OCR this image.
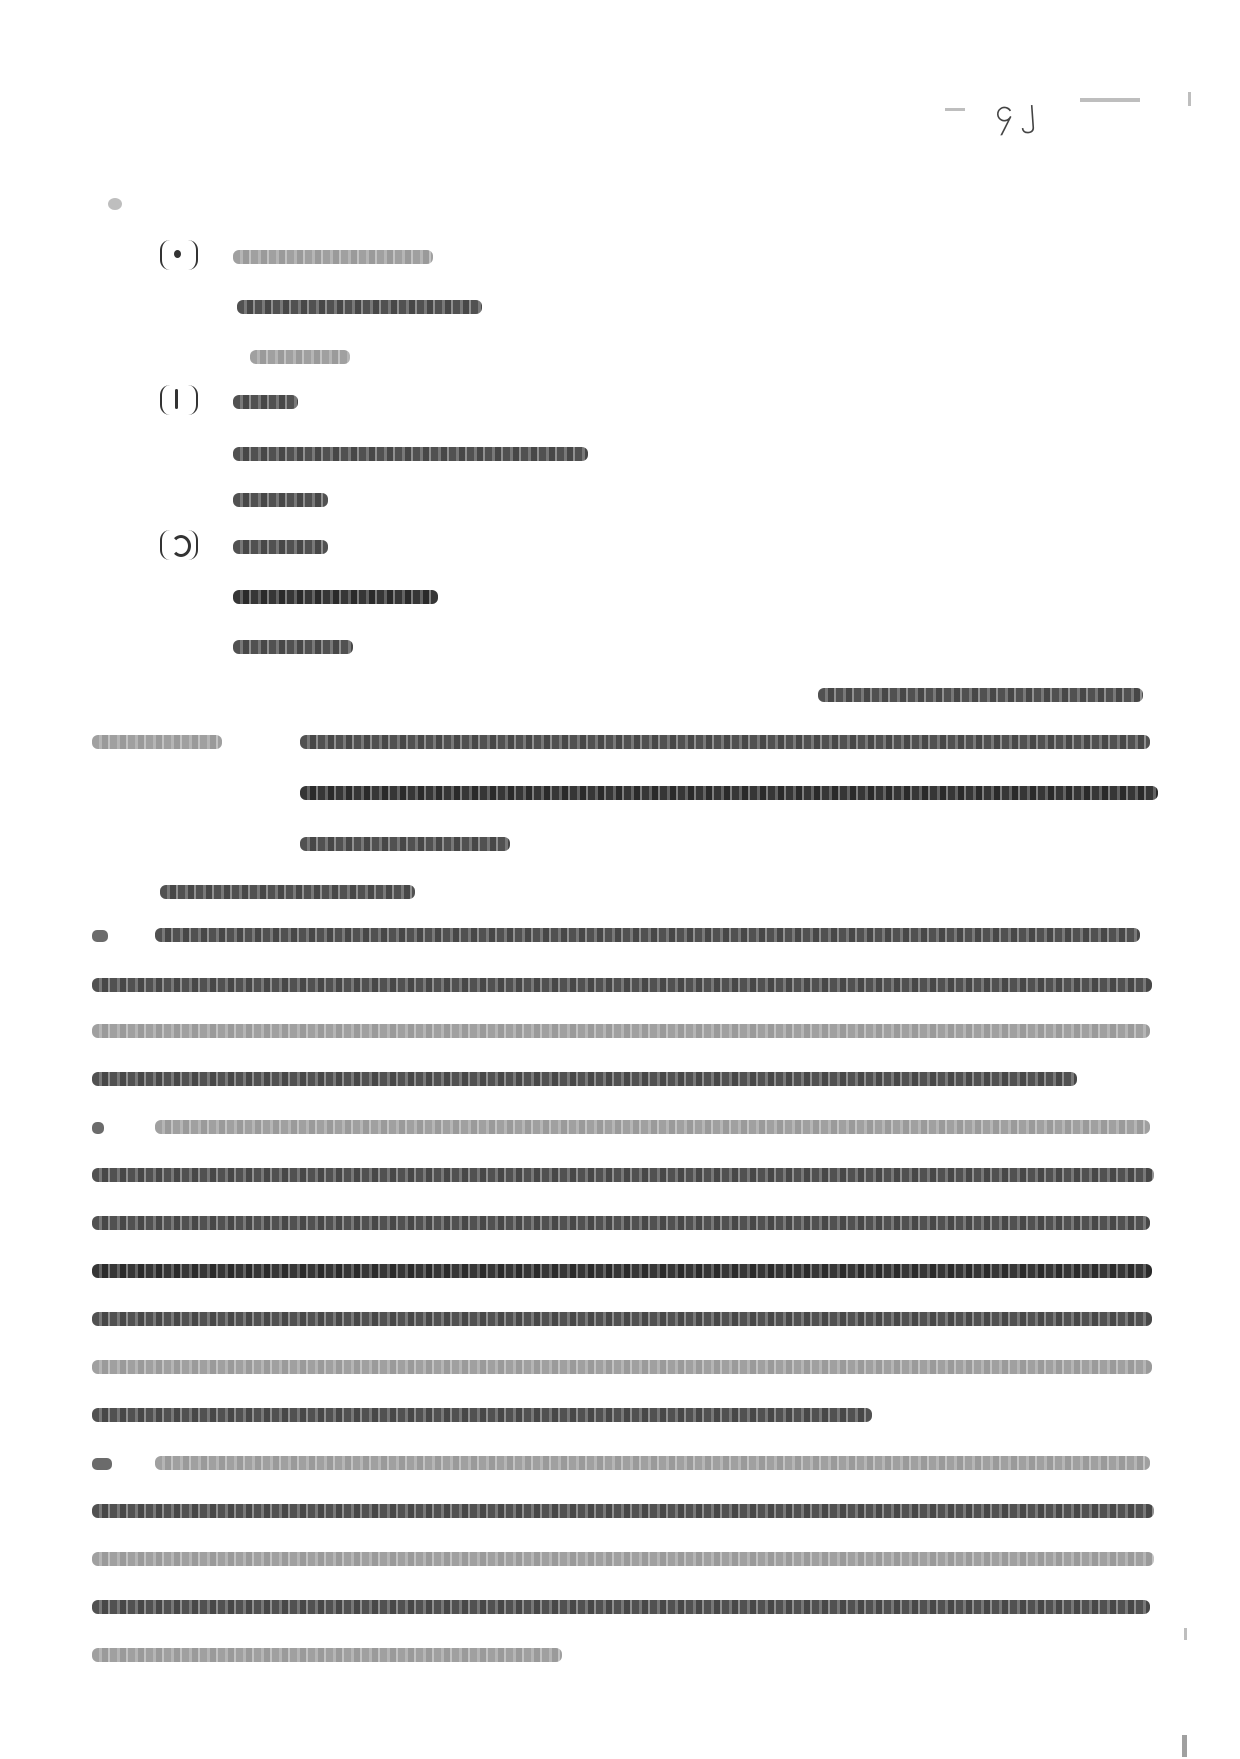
၄၂
